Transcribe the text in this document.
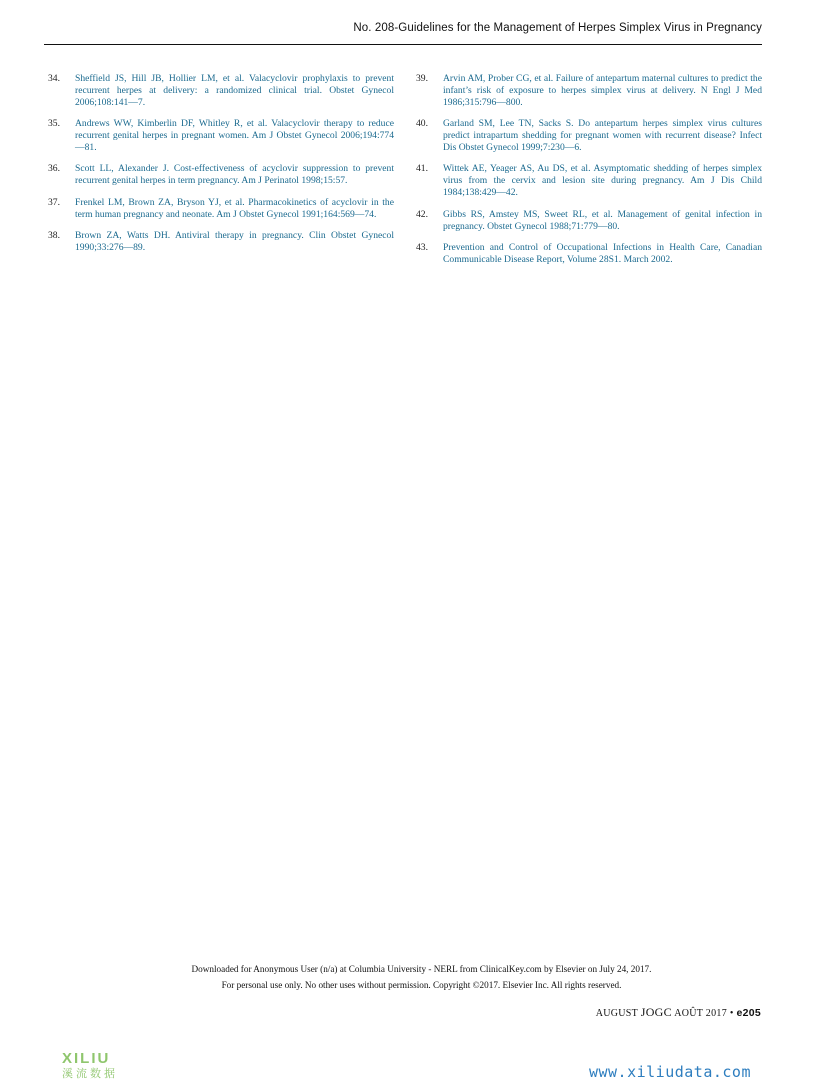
No. 208-Guidelines for the Management of Herpes Simplex Virus in Pregnancy
34.	Sheffield JS, Hill JB, Hollier LM, et al. Valacyclovir prophylaxis to prevent recurrent herpes at delivery: a randomized clinical trial. Obstet Gynecol 2006;108:141—7.
35.	Andrews WW, Kimberlin DF, Whitley R, et al. Valacyclovir therapy to reduce recurrent genital herpes in pregnant women. Am J Obstet Gynecol 2006;194:774—81.
36.	Scott LL, Alexander J. Cost-effectiveness of acyclovir suppression to prevent recurrent genital herpes in term pregnancy. Am J Perinatol 1998;15:57.
37.	Frenkel LM, Brown ZA, Bryson YJ, et al. Pharmacokinetics of acyclovir in the term human pregnancy and neonate. Am J Obstet Gynecol 1991;164:569—74.
38.	Brown ZA, Watts DH. Antiviral therapy in pregnancy. Clin Obstet Gynecol 1990;33:276—89.
39.	Arvin AM, Prober CG, et al. Failure of antepartum maternal cultures to predict the infant’s risk of exposure to herpes simplex virus at delivery. N Engl J Med 1986;315:796—800.
40.	Garland SM, Lee TN, Sacks S. Do antepartum herpes simplex virus cultures predict intrapartum shedding for pregnant women with recurrent disease? Infect Dis Obstet Gynecol 1999;7:230—6.
41.	Wittek AE, Yeager AS, Au DS, et al. Asymptomatic shedding of herpes simplex virus from the cervix and lesion site during pregnancy. Am J Dis Child 1984;138:429—42.
42.	Gibbs RS, Amstey MS, Sweet RL, et al. Management of genital infection in pregnancy. Obstet Gynecol 1988;71:779—80.
43.	Prevention and Control of Occupational Infections in Health Care, Canadian Communicable Disease Report, Volume 28S1. March 2002.
Downloaded for Anonymous User (n/a) at Columbia University - NERL from ClinicalKey.com by Elsevier on July 24, 2017.
For personal use only. No other uses without permission. Copyright ©2017. Elsevier Inc. All rights reserved.
AUGUST JOGC AOÛT 2017 • e205
XILIU
溪流数据	www.xiliudata.com
